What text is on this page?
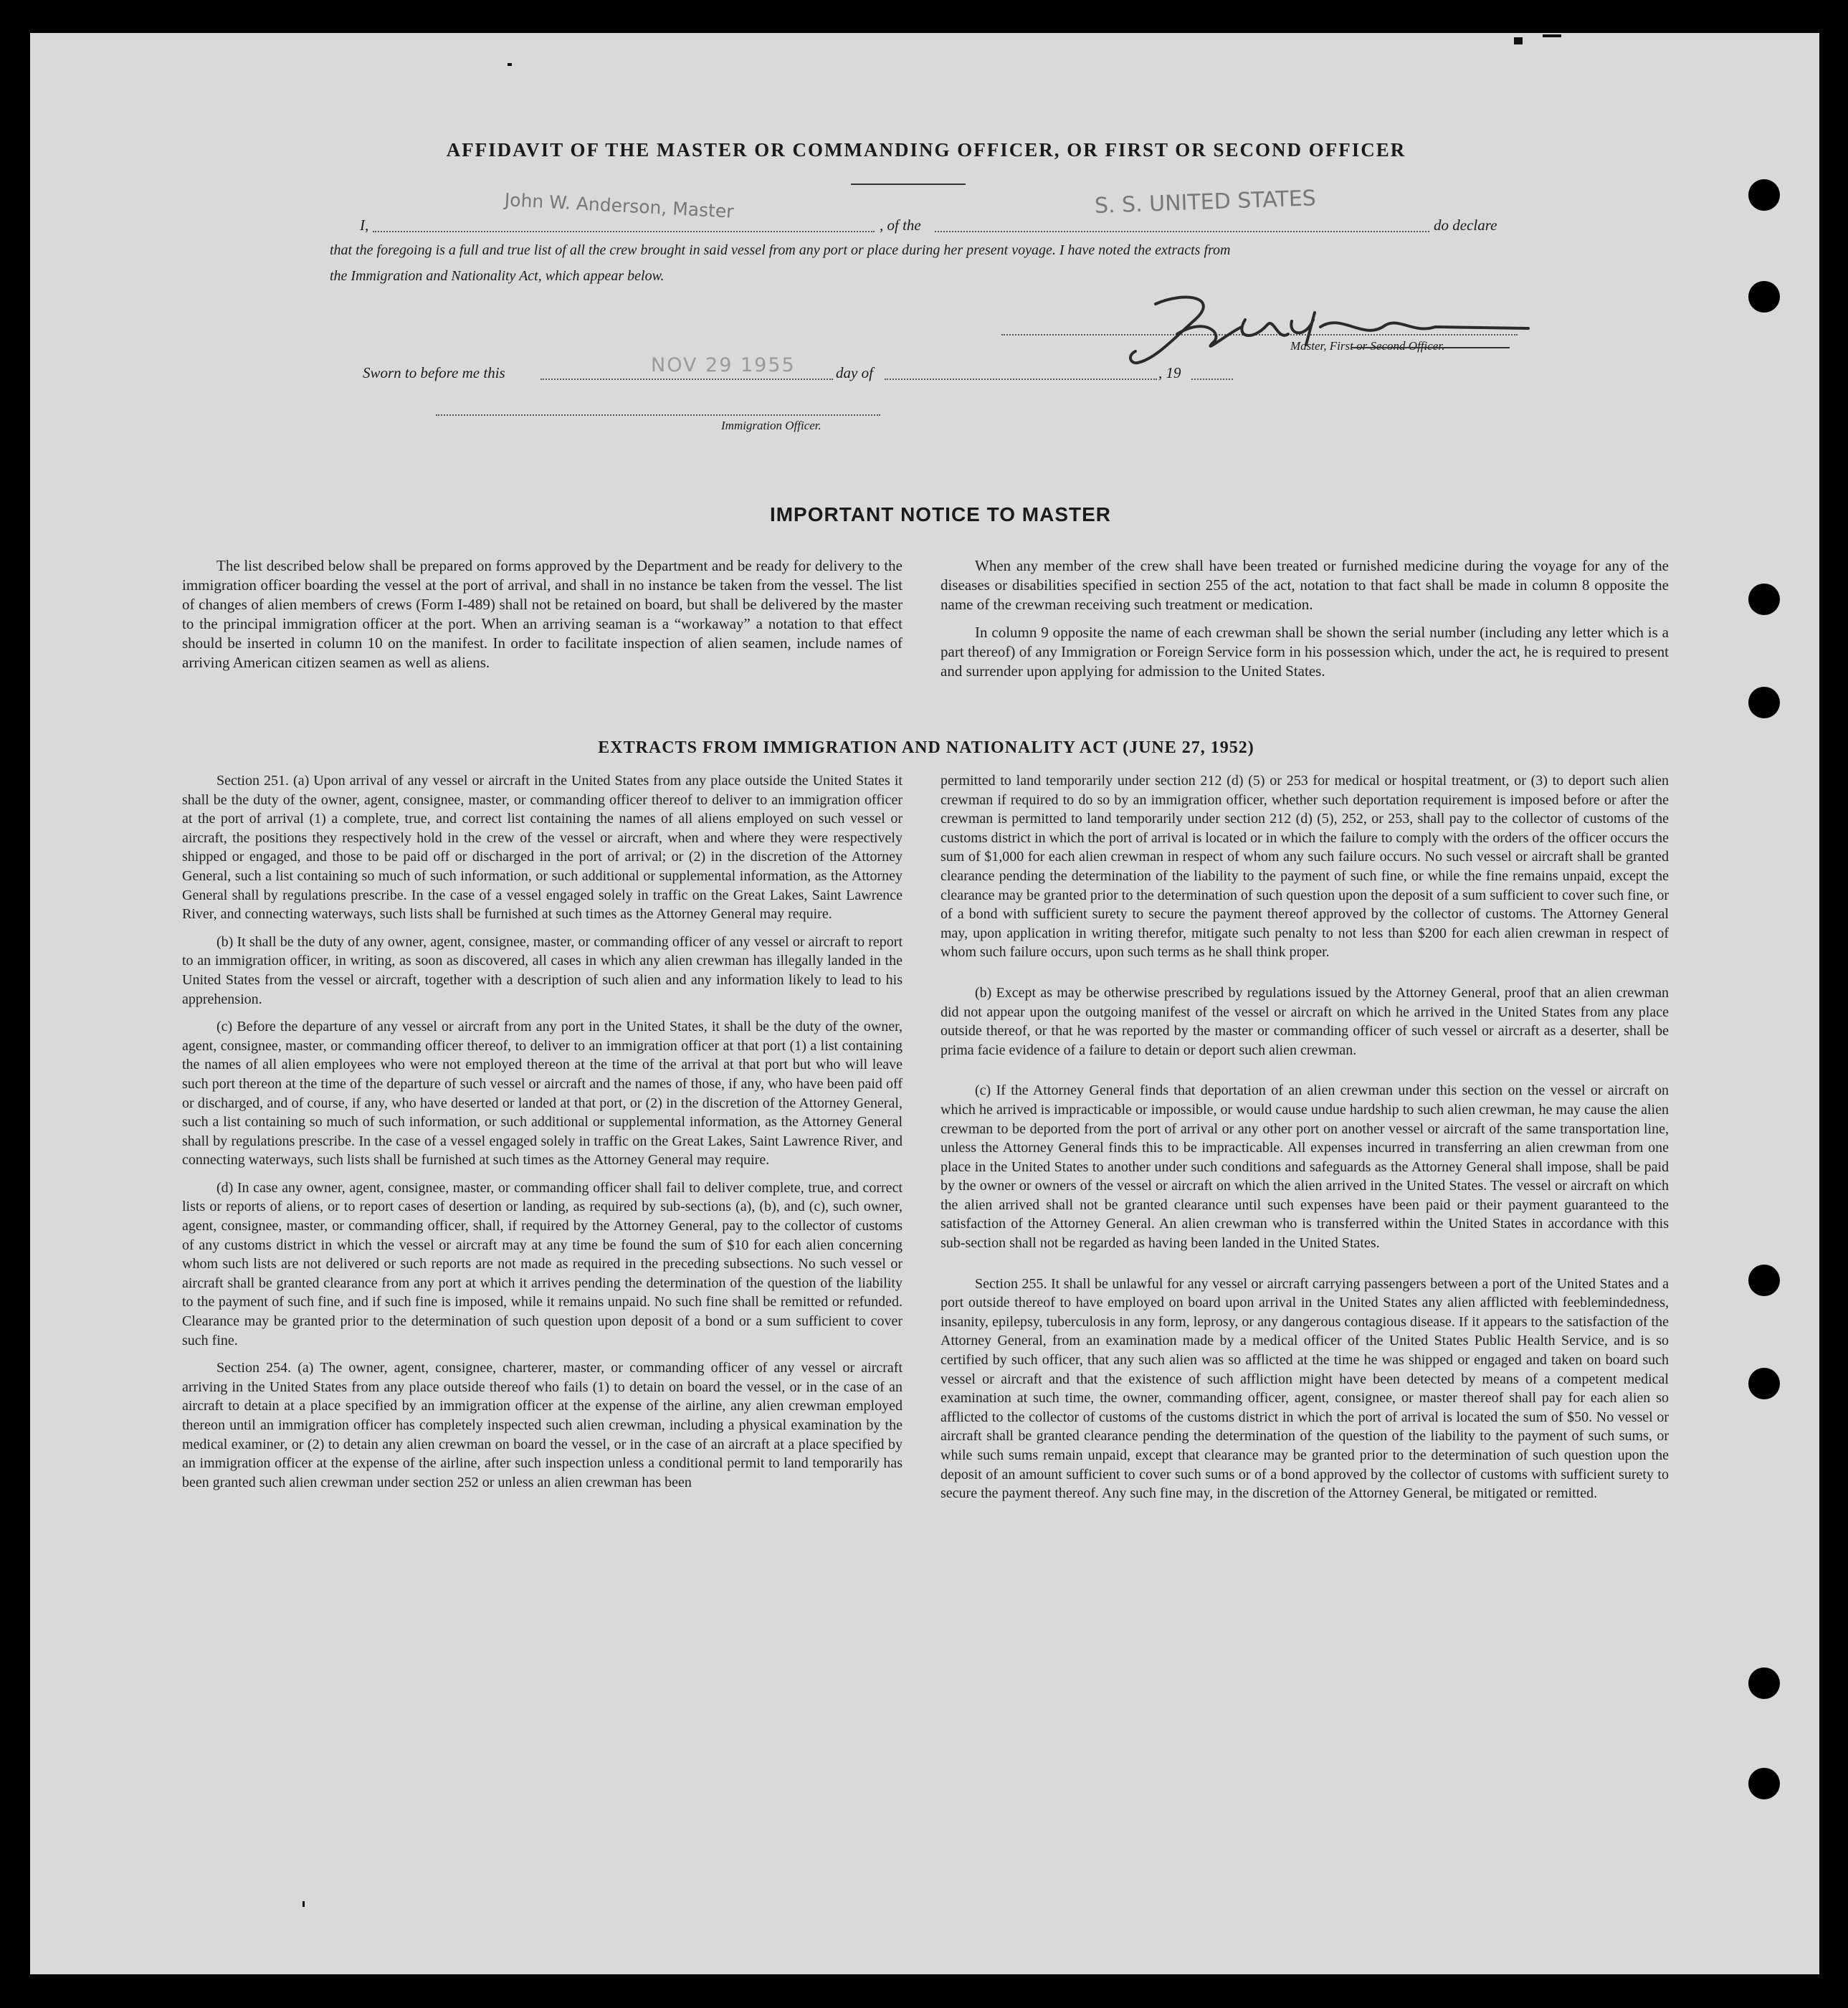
AFFIDAVIT OF THE MASTER OR COMMANDING OFFICER, OR FIRST OR SECOND OFFICER
I,
John W. Anderson, Master
, of the
S. S. UNITED STATES
do declare
that the foregoing is a full and true list of all the crew brought in said vessel from any port or place during her present voyage. I have noted the extracts from
the Immigration and Nationality Act, which appear below.
Master, First or Second Officer.
Sworn to before me this	NOV 29 1955	day of	, 19
Immigration Officer.
IMPORTANT NOTICE TO MASTER

The list described below shall be prepared on forms approved by the Department and be ready for delivery to the immigration officer boarding the vessel at the port of arrival, and shall in no instance be taken from the vessel. The list of changes of alien members of crews (Form I-489) shall not be retained on board, but shall be delivered by the master to the principal immigration officer at the port. When an arriving seaman is a “workaway” a notation to that effect should be inserted in column 10 on the manifest. In order to facilitate inspection of alien seamen, include names of arriving American citizen seamen as well as aliens.

When any member of the crew shall have been treated or furnished medicine during the voyage for any of the diseases or disabilities specified in section 255 of the act, notation to that fact shall be made in column 8 opposite the name of the crewman receiving such treatment or medication.

In column 9 opposite the name of each crewman shall be shown the serial number (including any letter which is a part thereof) of any Immigration or Foreign Service form in his possession which, under the act, he is required to present and surrender upon applying for admission to the United States.

EXTRACTS FROM IMMIGRATION AND NATIONALITY ACT (JUNE 27, 1952)

Section 251. (a) Upon arrival of any vessel or aircraft in the United States from any place outside the United States it shall be the duty of the owner, agent, consignee, master, or commanding officer thereof to deliver to an immigration officer at the port of arrival (1) a complete, true, and correct list containing the names of all aliens employed on such vessel or aircraft, the positions they respectively hold in the crew of the vessel or aircraft, when and where they were respectively shipped or engaged, and those to be paid off or discharged in the port of arrival; or (2) in the discretion of the Attorney General, such a list containing so much of such information, or such additional or supplemental information, as the Attorney General shall by regulations prescribe. In the case of a vessel engaged solely in traffic on the Great Lakes, Saint Lawrence River, and connecting waterways, such lists shall be furnished at such times as the Attorney General may require.

(b) It shall be the duty of any owner, agent, consignee, master, or commanding officer of any vessel or aircraft to report to an immigration officer, in writing, as soon as discovered, all cases in which any alien crewman has illegally landed in the United States from the vessel or aircraft, together with a description of such alien and any information likely to lead to his apprehension.

(c) Before the departure of any vessel or aircraft from any port in the United States, it shall be the duty of the owner, agent, consignee, master, or commanding officer thereof, to deliver to an immigration officer at that port (1) a list containing the names of all alien employees who were not employed thereon at the time of the arrival at that port but who will leave such port thereon at the time of the departure of such vessel or aircraft and the names of those, if any, who have been paid off or discharged, and of course, if any, who have deserted or landed at that port, or (2) in the discretion of the Attorney General, such a list containing so much of such information, or such additional or supplemental information, as the Attorney General shall by regulations prescribe. In the case of a vessel engaged solely in traffic on the Great Lakes, Saint Lawrence River, and connecting waterways, such lists shall be furnished at such times as the Attorney General may require.

(d) In case any owner, agent, consignee, master, or commanding officer shall fail to deliver complete, true, and correct lists or reports of aliens, or to report cases of desertion or landing, as required by sub-sections (a), (b), and (c), such owner, agent, consignee, master, or commanding officer, shall, if required by the Attorney General, pay to the collector of customs of any customs district in which the vessel or aircraft may at any time be found the sum of $10 for each alien concerning whom such lists are not delivered or such reports are not made as required in the preceding subsections. No such vessel or aircraft shall be granted clearance from any port at which it arrives pending the determination of the question of the liability to the payment of such fine, and if such fine is imposed, while it remains unpaid. No such fine shall be remitted or refunded. Clearance may be granted prior to the determination of such question upon deposit of a bond or a sum sufficient to cover such fine.

Section 254. (a) The owner, agent, consignee, charterer, master, or commanding officer of any vessel or aircraft arriving in the United States from any place outside thereof who fails (1) to detain on board the vessel, or in the case of an aircraft to detain at a place specified by an immigration officer at the expense of the airline, any alien crewman employed thereon until an immigration officer has completely inspected such alien crewman, including a physical examination by the medical examiner, or (2) to detain any alien crewman on board the vessel, or in the case of an aircraft at a place specified by an immigration officer at the expense of the airline, after such inspection unless a conditional permit to land temporarily has been granted such alien crewman under section 252 or unless an alien crewman has been

permitted to land temporarily under section 212 (d) (5) or 253 for medical or hospital treatment, or (3) to deport such alien crewman if required to do so by an immigration officer, whether such deportation requirement is imposed before or after the crewman is permitted to land temporarily under section 212 (d) (5), 252, or 253, shall pay to the collector of customs of the customs district in which the port of arrival is located or in which the failure to comply with the orders of the officer occurs the sum of $1,000 for each alien crewman in respect of whom any such failure occurs. No such vessel or aircraft shall be granted clearance pending the determination of the liability to the payment of such fine, or while the fine remains unpaid, except the clearance may be granted prior to the determination of such question upon the deposit of a sum sufficient to cover such fine, or of a bond with sufficient surety to secure the payment thereof approved by the collector of customs. The Attorney General may, upon application in writing therefor, mitigate such penalty to not less than $200 for each alien crewman in respect of whom such failure occurs, upon such terms as he shall think proper.

(b) Except as may be otherwise prescribed by regulations issued by the Attorney General, proof that an alien crewman did not appear upon the outgoing manifest of the vessel or aircraft on which he arrived in the United States from any place outside thereof, or that he was reported by the master or commanding officer of such vessel or aircraft as a deserter, shall be prima facie evidence of a failure to detain or deport such alien crewman.

(c) If the Attorney General finds that deportation of an alien crewman under this section on the vessel or aircraft on which he arrived is impracticable or impossible, or would cause undue hardship to such alien crewman, he may cause the alien crewman to be deported from the port of arrival or any other port on another vessel or aircraft of the same transportation line, unless the Attorney General finds this to be impracticable. All expenses incurred in transferring an alien crewman from one place in the United States to another under such conditions and safeguards as the Attorney General shall impose, shall be paid by the owner or owners of the vessel or aircraft on which the alien arrived in the United States. The vessel or aircraft on which the alien arrived shall not be granted clearance until such expenses have been paid or their payment guaranteed to the satisfaction of the Attorney General. An alien crewman who is transferred within the United States in accordance with this sub-section shall not be regarded as having been landed in the United States.

Section 255. It shall be unlawful for any vessel or aircraft carrying passengers between a port of the United States and a port outside thereof to have employed on board upon arrival in the United States any alien afflicted with feeblemindedness, insanity, epilepsy, tuberculosis in any form, leprosy, or any dangerous contagious disease. If it appears to the satisfaction of the Attorney General, from an examination made by a medical officer of the United States Public Health Service, and is so certified by such officer, that any such alien was so afflicted at the time he was shipped or engaged and taken on board such vessel or aircraft and that the existence of such affliction might have been detected by means of a competent medical examination at such time, the owner, commanding officer, agent, consignee, or master thereof shall pay for each alien so afflicted to the collector of customs of the customs district in which the port of arrival is located the sum of $50. No vessel or aircraft shall be granted clearance pending the determination of the question of the liability to the payment of such sums, or while such sums remain unpaid, except that clearance may be granted prior to the determination of such question upon the deposit of an amount sufficient to cover such sums or of a bond approved by the collector of customs with sufficient surety to secure the payment thereof. Any such fine may, in the discretion of the Attorney General, be mitigated or remitted.
